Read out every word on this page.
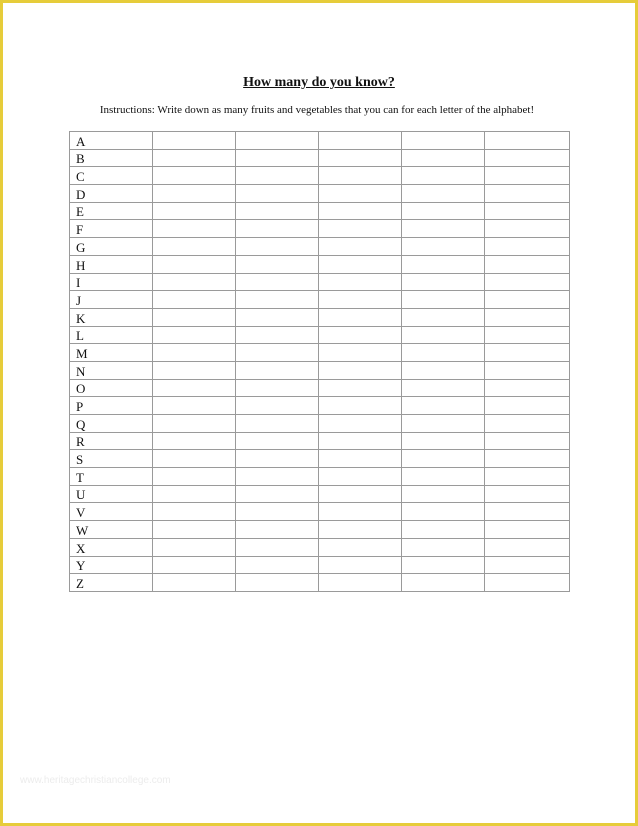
How many do you know?
Instructions: Write down as many fruits and vegetables that you can for each letter of the alphabet!
A					
B					
C					
D					
E					
F					
G					
H					
I					
J					
K					
L					
M					
N					
O					
P					
Q					
R					
S					
T					
U					
V					
W					
X					
Y					
Z					
www.heritagechristiancollege.com
